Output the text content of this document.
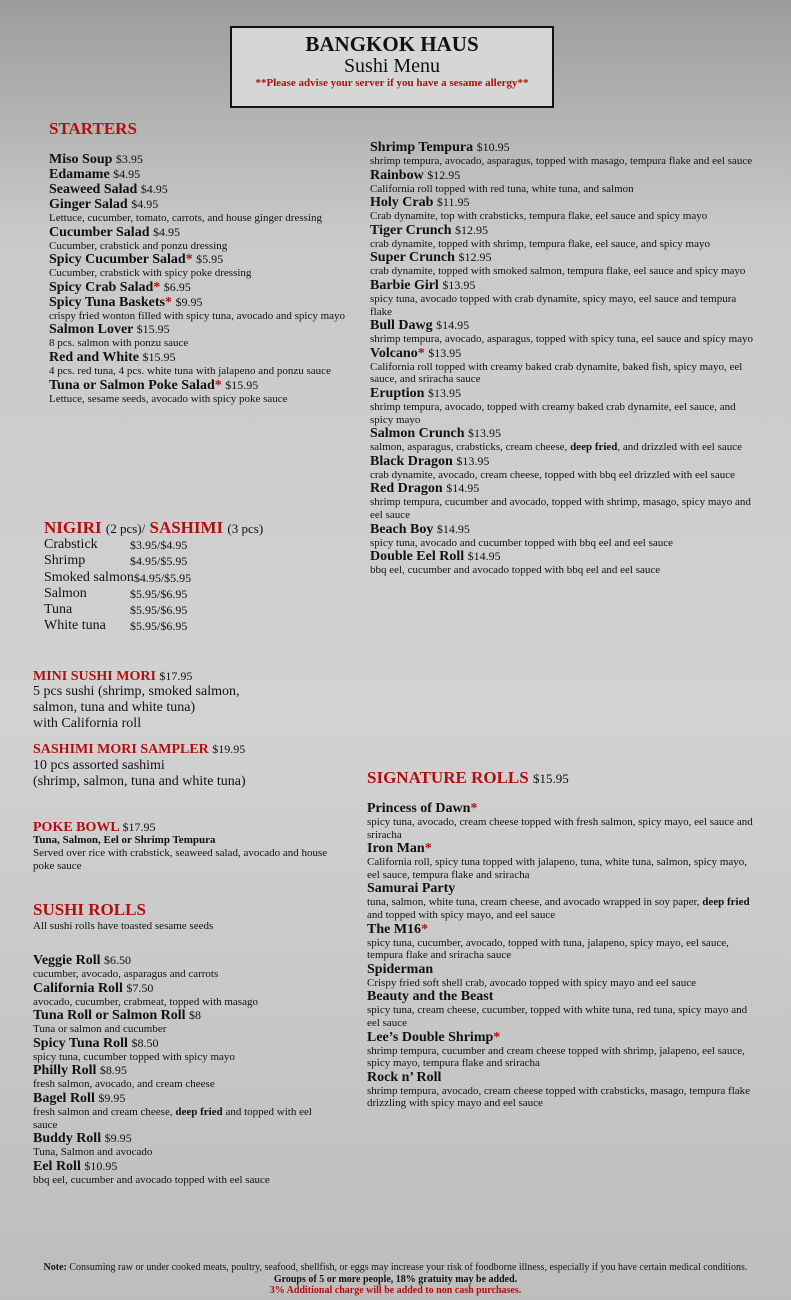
BANGKOK HAUS
Sushi Menu
**Please advise your server if you have a sesame allergy**
STARTERS
Miso Soup $3.95
Edamame $4.95
Seaweed Salad $4.95
Ginger Salad $4.95
Lettuce, cucumber, tomato, carrots, and house ginger dressing
Cucumber Salad $4.95
Cucumber, crabstick and ponzu dressing
Spicy Cucumber Salad* $5.95
Cucumber, crabstick with spicy poke dressing
Spicy Crab Salad* $6.95
Spicy Tuna Baskets* $9.95
crispy fried wonton filled with spicy tuna, avocado and spicy mayo
Salmon Lover $15.95
8 pcs. salmon with ponzu sauce
Red and White $15.95
4 pcs. red tuna, 4 pcs. white tuna with jalapeno and ponzu sauce
Tuna or Salmon Poke Salad* $15.95
Lettuce, sesame seeds, avocado with spicy poke sauce
NIGIRI (2 pcs)/ SASHIMI (3 pcs)
Crabstick	$3.95/$4.95
Shrimp	$4.95/$5.95
Smoked salmon $4.95/$5.95
Salmon	$5.95/$6.95
Tuna	$5.95/$6.95
White tuna	$5.95/$6.95
MINI SUSHI MORI $17.95
5 pcs sushi (shrimp, smoked salmon,
salmon, tuna and white tuna)
with California roll
SASHIMI MORI SAMPLER $19.95
10 pcs assorted sashimi
(shrimp, salmon, tuna and white tuna)
POKE BOWL $17.95
Tuna, Salmon, Eel or Shrimp Tempura
Served over rice with crabstick, seaweed salad, avocado and house poke sauce
SUSHI ROLLS
All sushi rolls have toasted sesame seeds
Veggie Roll $6.50
cucumber, avocado, asparagus and carrots
California Roll $7.50
avocado, cucumber, crabmeat, topped with masago
Tuna Roll or Salmon Roll $8
Tuna or salmon and cucumber
Spicy Tuna Roll $8.50
spicy tuna, cucumber topped with spicy mayo
Philly Roll $8.95
fresh salmon, avocado, and cream cheese
Bagel Roll $9.95
fresh salmon and cream cheese, deep fried and topped with eel sauce
Buddy Roll $9.95
Tuna, Salmon and avocado
Eel Roll $10.95
bbq eel, cucumber and avocado topped with eel sauce
Shrimp Tempura $10.95
shrimp tempura, avocado, asparagus, topped with masago, tempura flake and eel sauce
Rainbow $12.95
California roll topped with red tuna, white tuna, and salmon
Holy Crab $11.95
Crab dynamite, top with crabsticks, tempura flake, eel sauce and spicy mayo
Tiger Crunch $12.95
crab dynamite, topped with shrimp, tempura flake, eel sauce, and spicy mayo
Super Crunch $12.95
crab dynamite, topped with smoked salmon, tempura flake, eel sauce and spicy mayo
Barbie Girl $13.95
spicy tuna, avocado topped with crab dynamite, spicy mayo, eel sauce and tempura flake
Bull Dawg $14.95
shrimp tempura, avocado, asparagus, topped with spicy tuna, eel sauce and spicy mayo
Volcano* $13.95
California roll topped with creamy baked crab dynamite, baked fish, spicy mayo, eel sauce, and sriracha sauce
Eruption $13.95
shrimp tempura, avocado, topped with creamy baked crab dynamite, eel sauce, and spicy mayo
Salmon Crunch $13.95
salmon, asparagus, crabsticks, cream cheese, deep fried, and drizzled with eel sauce
Black Dragon $13.95
crab dynamite, avocado, cream cheese, topped with bbq eel drizzled with eel sauce
Red Dragon $14.95
shrimp tempura, cucumber and avocado, topped with shrimp, masago, spicy mayo and eel sauce
Beach Boy $14.95
spicy tuna, avocado and cucumber topped with bbq eel and eel sauce
Double Eel Roll $14.95
bbq eel, cucumber and avocado topped with bbq eel and eel sauce
SIGNATURE ROLLS $15.95
Princess of Dawn*
spicy tuna, avocado, cream cheese topped with fresh salmon, spicy mayo, eel sauce and sriracha
Iron Man*
California roll, spicy tuna topped with jalapeno, tuna, white tuna, salmon, spicy mayo, eel sauce, tempura flake and sriracha
Samurai Party
tuna, salmon, white tuna, cream cheese, and avocado wrapped in soy paper, deep fried and topped with spicy mayo, and eel sauce
The M16*
spicy tuna, cucumber, avocado, topped with tuna, jalapeno, spicy mayo, eel sauce, tempura flake and sriracha sauce
Spiderman
Crispy fried soft shell crab, avocado topped with spicy mayo and eel sauce
Beauty and the Beast
spicy tuna, cream cheese, cucumber, topped with white tuna, red tuna, spicy mayo and eel sauce
Lee’s Double Shrimp*
shrimp tempura, cucumber and cream cheese topped with shrimp, jalapeno, eel sauce, spicy mayo, tempura flake and sriracha
Rock n’ Roll
shrimp tempura, avocado, cream cheese topped with crabsticks, masago, tempura flake drizzling with spicy mayo and eel sauce
Note: Consuming raw or under cooked meats, poultry, seafood, shellfish, or eggs may increase your risk of foodborne illness, especially if you have certain medical conditions. Groups of 5 or more people, 18% gratuity may be added.
3% Additional charge will be added to non cash purchases.
